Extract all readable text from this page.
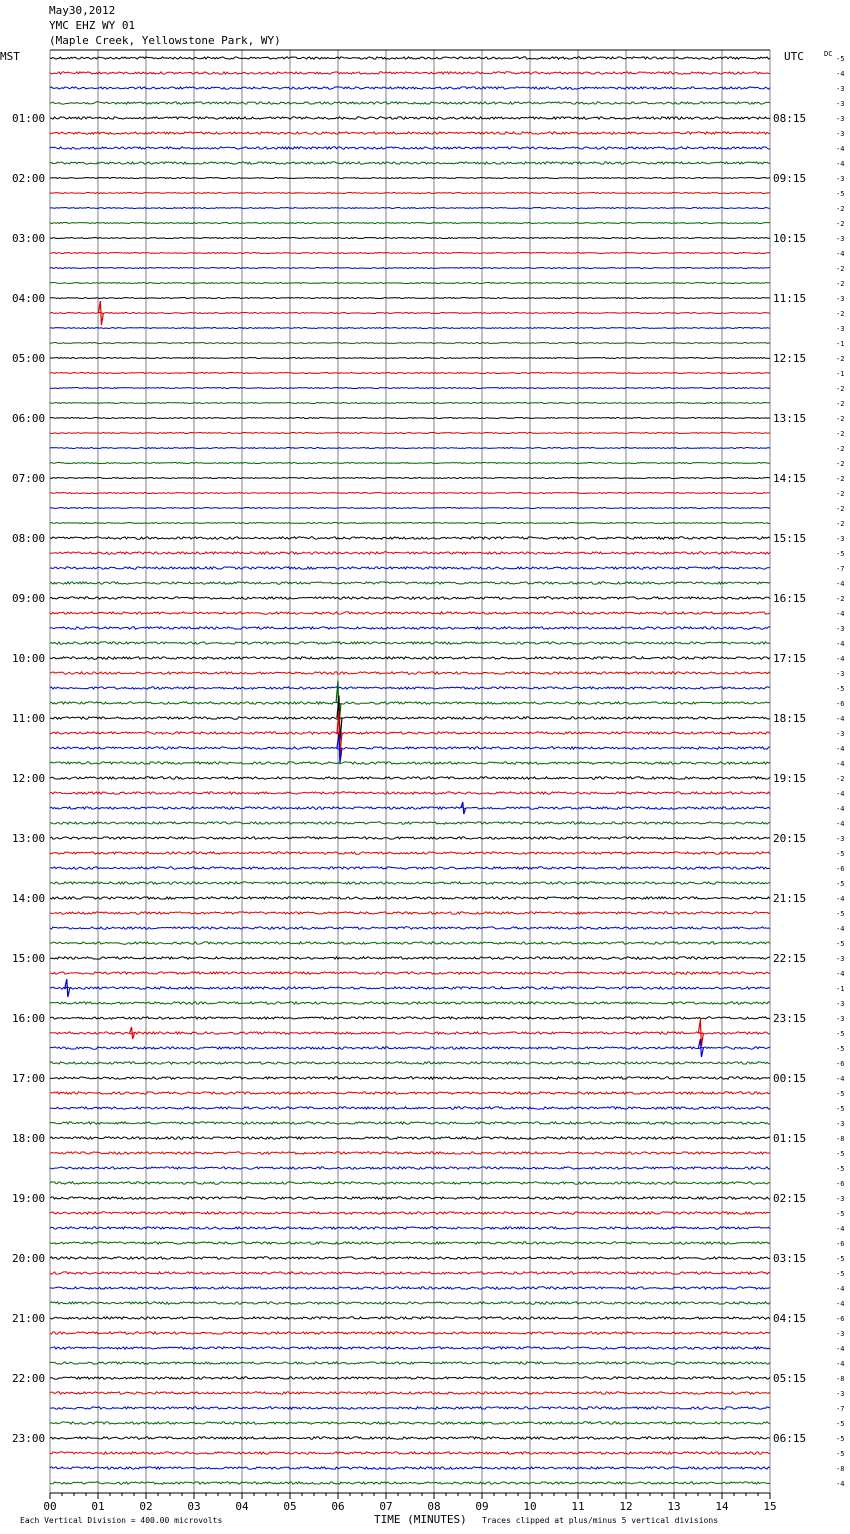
May30,2012
YMC EHZ WY 01
(Maple Creek, Yellowstone Park, WY)
01:00
02:00
03:00
04:00
05:00
06:00
07:00
08:00
09:00
10:00
11:00
12:00
13:00
14:00
15:00
16:00
17:00
18:00
19:00
20:00
21:00
22:00
23:00
08:15
09:15
10:15
11:15
12:15
13:15
14:15
15:15
16:15
17:15
18:15
19:15
20:15
21:15
22:15
23:15
00:15
01:15
02:15
03:15
04:15
05:15
06:15
-5
-4
-3
-3
-3
-3
-4
-4
-3
-5
-2
-2
-3
-4
-2
-2
-3
-2
-3
-1
-2
-1
-2
-2
-2
-2
-2
-2
-2
-2
-2
-2
-3
-5
-7
-4
-2
-4
-3
-4
-4
-3
-5
-6
-4
-3
-4
-4
-2
-4
-4
-4
-3
-5
-6
-5
-4
-5
-4
-5
-3
-4
-1
-3
-3
-5
-5
-6
-4
-5
-5
-3
-8
-5
-5
-6
-3
-5
-4
-6
-5
-5
-4
-4
-6
-3
-4
-4
-8
-3
-7
-5
-5
-5
-8
-4
00	01	02	03	04	05	06	07	08	09	10	11	12	13	14	15
MST	UTC	DC
Each Vertical Division = 400.00 microvolts	TIME (MINUTES) Traces clipped at plus/minus 5 vertical divisions
